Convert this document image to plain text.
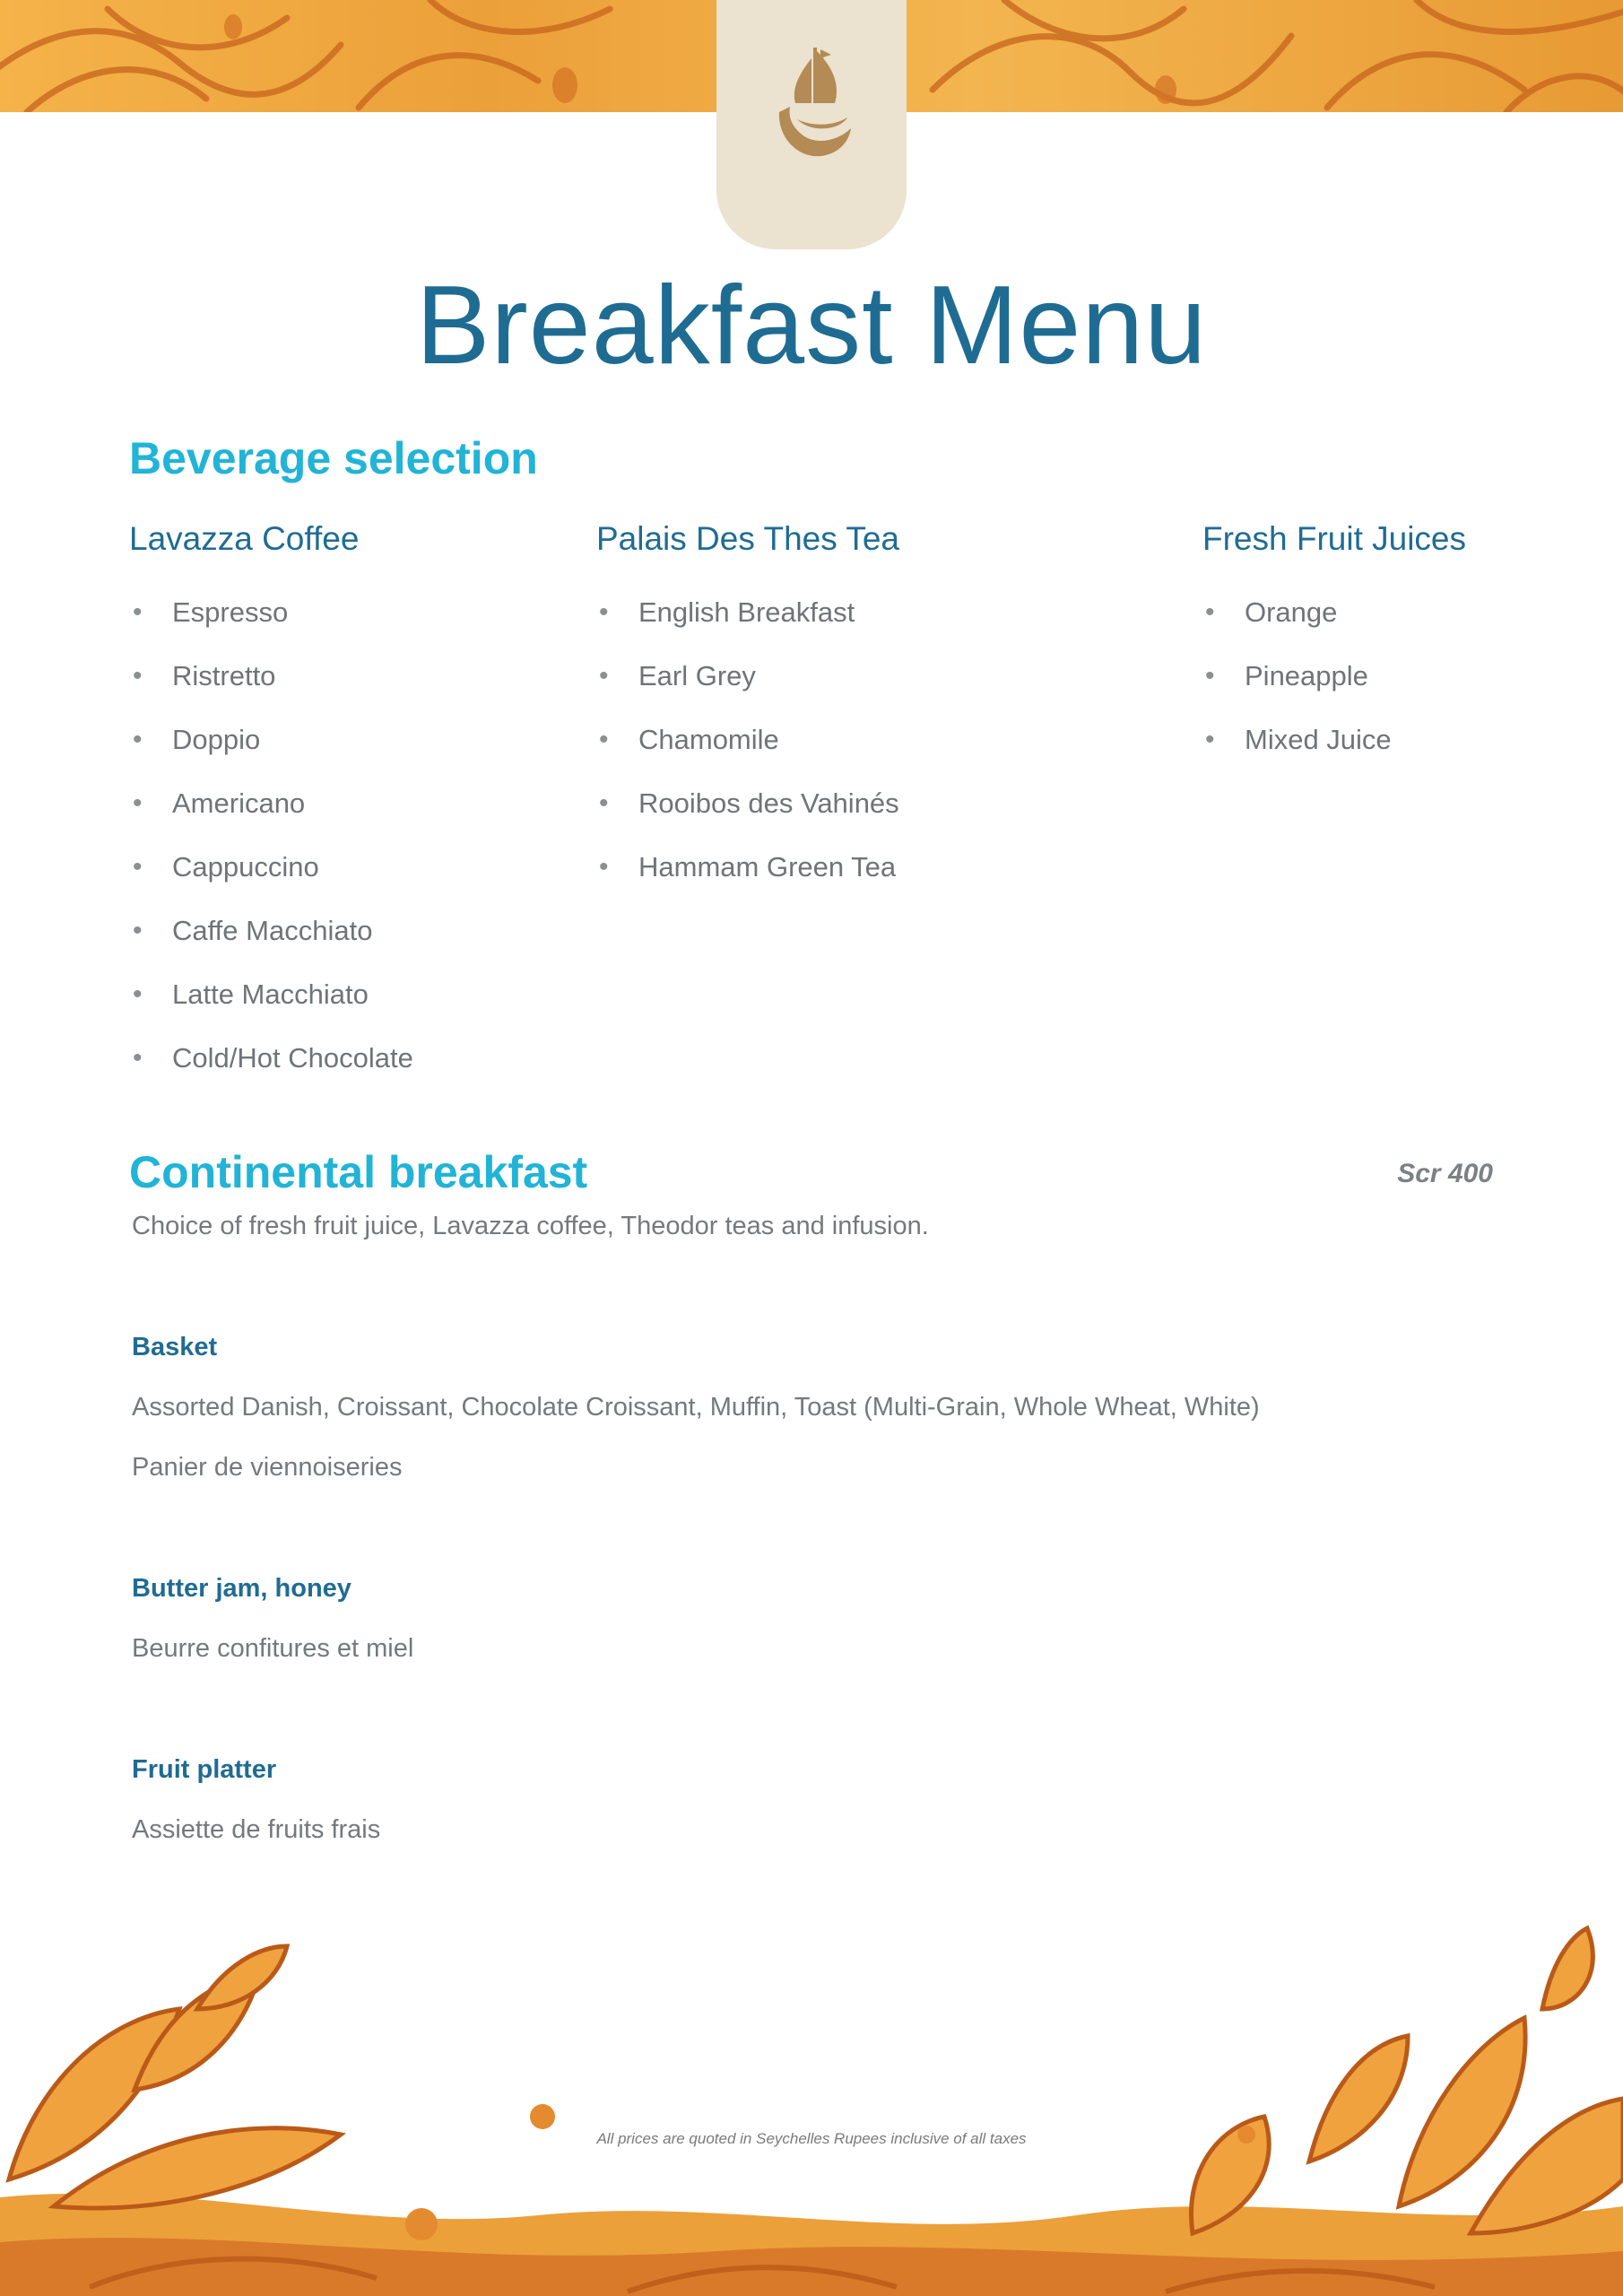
Breakfast Menu
Beverage selection
Lavazza Coffee
• Espresso
• Ristretto
• Doppio
• Americano
• Cappuccino
• Caffe Macchiato
• Latte Macchiato
• Cold/Hot Chocolate
Palais Des Thes Tea
• English Breakfast
• Earl Grey
• Chamomile
• Rooibos des Vahinés
• Hammam Green Tea
Fresh Fruit Juices
• Orange
• Pineapple
• Mixed Juice
Continental breakfast	Scr 400
Choice of fresh fruit juice, Lavazza coffee, Theodor teas and infusion.
Basket
Assorted Danish, Croissant, Chocolate Croissant, Muffin, Toast (Multi-Grain, Whole Wheat, White)
Panier de viennoiseries
Butter jam, honey
Beurre confitures et miel
Fruit platter
Assiette de fruits frais
All prices are quoted in Seychelles Rupees inclusive of all taxes
